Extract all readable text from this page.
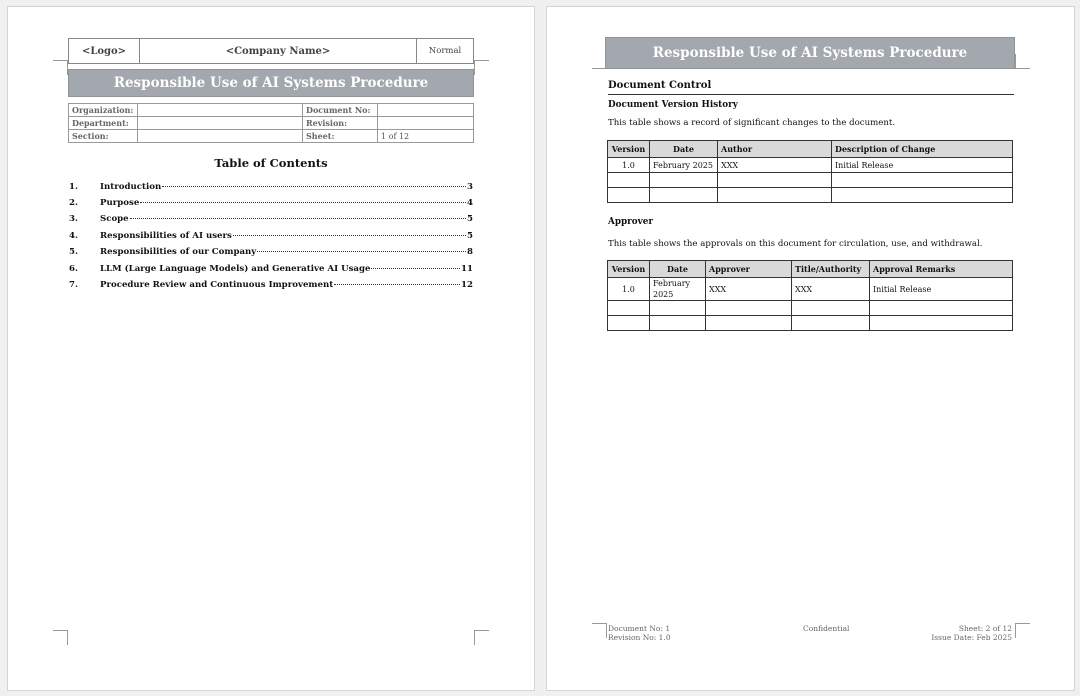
<Logo>	<Company Name>	Normal
Responsible Use of AI Systems Procedure
Organization:		Document No:	
Department:		Revision:	
Section:		Sheet:	1 of 12
Table of Contents
1.	Introduction	3
2.	Purpose	4
3.	Scope	5
4.	Responsibilities of AI users	5
5.	Responsibilities of our Company	8
6.	LLM (Large Language Models) and Generative AI Usage	11
7.	Procedure Review and Continuous Improvement	12
Responsible Use of AI Systems Procedure
Document Control
Document Version History
This table shows a record of significant changes to the document.
Version	Date	Author	Description of Change
1.0	February 2025	XXX	Initial Release

Approver
This table shows the approvals on this document for circulation, use, and withdrawal.
Version	Date	Approver	Title/Authority	Approval Remarks
1.0	February 2025	XXX	XXX	Initial Release

Document No: 1
Revision No: 1.0
Confidential	Sheet: 2 of 12
Issue Date: Feb 2025
